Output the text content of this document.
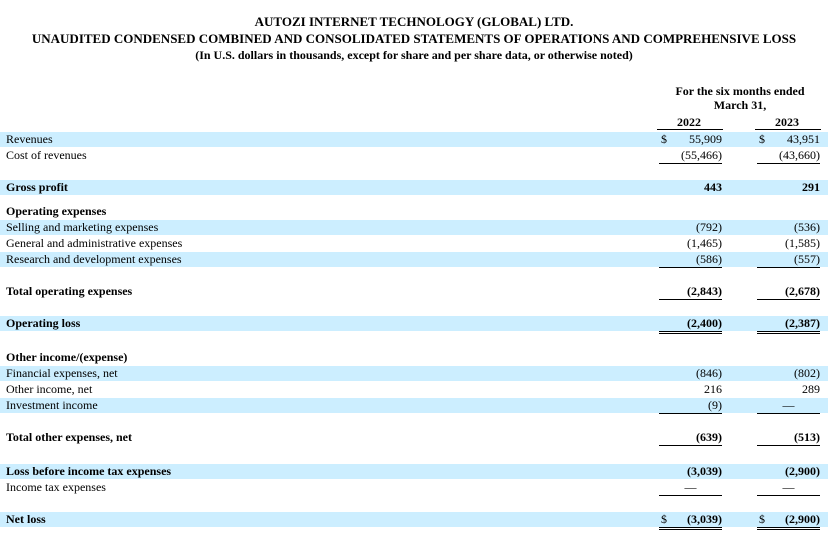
AUTOZI INTERNET TECHNOLOGY (GLOBAL) LTD.
UNAUDITED CONDENSED COMBINED AND CONSOLIDATED STATEMENTS OF OPERATIONS AND COMPREHENSIVE LOSS
(In U.S. dollars in thousands, except for share and per share data, or otherwise noted)
For the six months ended
March 31,
2022	2023
Revenues	$ 55,909	$ 43,951
Cost of revenues	(55,466)	(43,660)
Gross profit	443	291
Operating expenses
Selling and marketing expenses	(792)	(536)
General and administrative expenses	(1,465)	(1,585)
Research and development expenses	(586)	(557)
Total operating expenses	(2,843)	(2,678)
Operating loss	(2,400)	(2,387)
Other income/(expense)
Financial expenses, net	(846)	(802)
Other income, net	216	289
Investment income	(9)	—
Total other expenses, net	(639)	(513)
Loss before income tax expenses	(3,039)	(2,900)
Income tax expenses	—	—
Net loss	$ (3,039)	$ (2,900)
